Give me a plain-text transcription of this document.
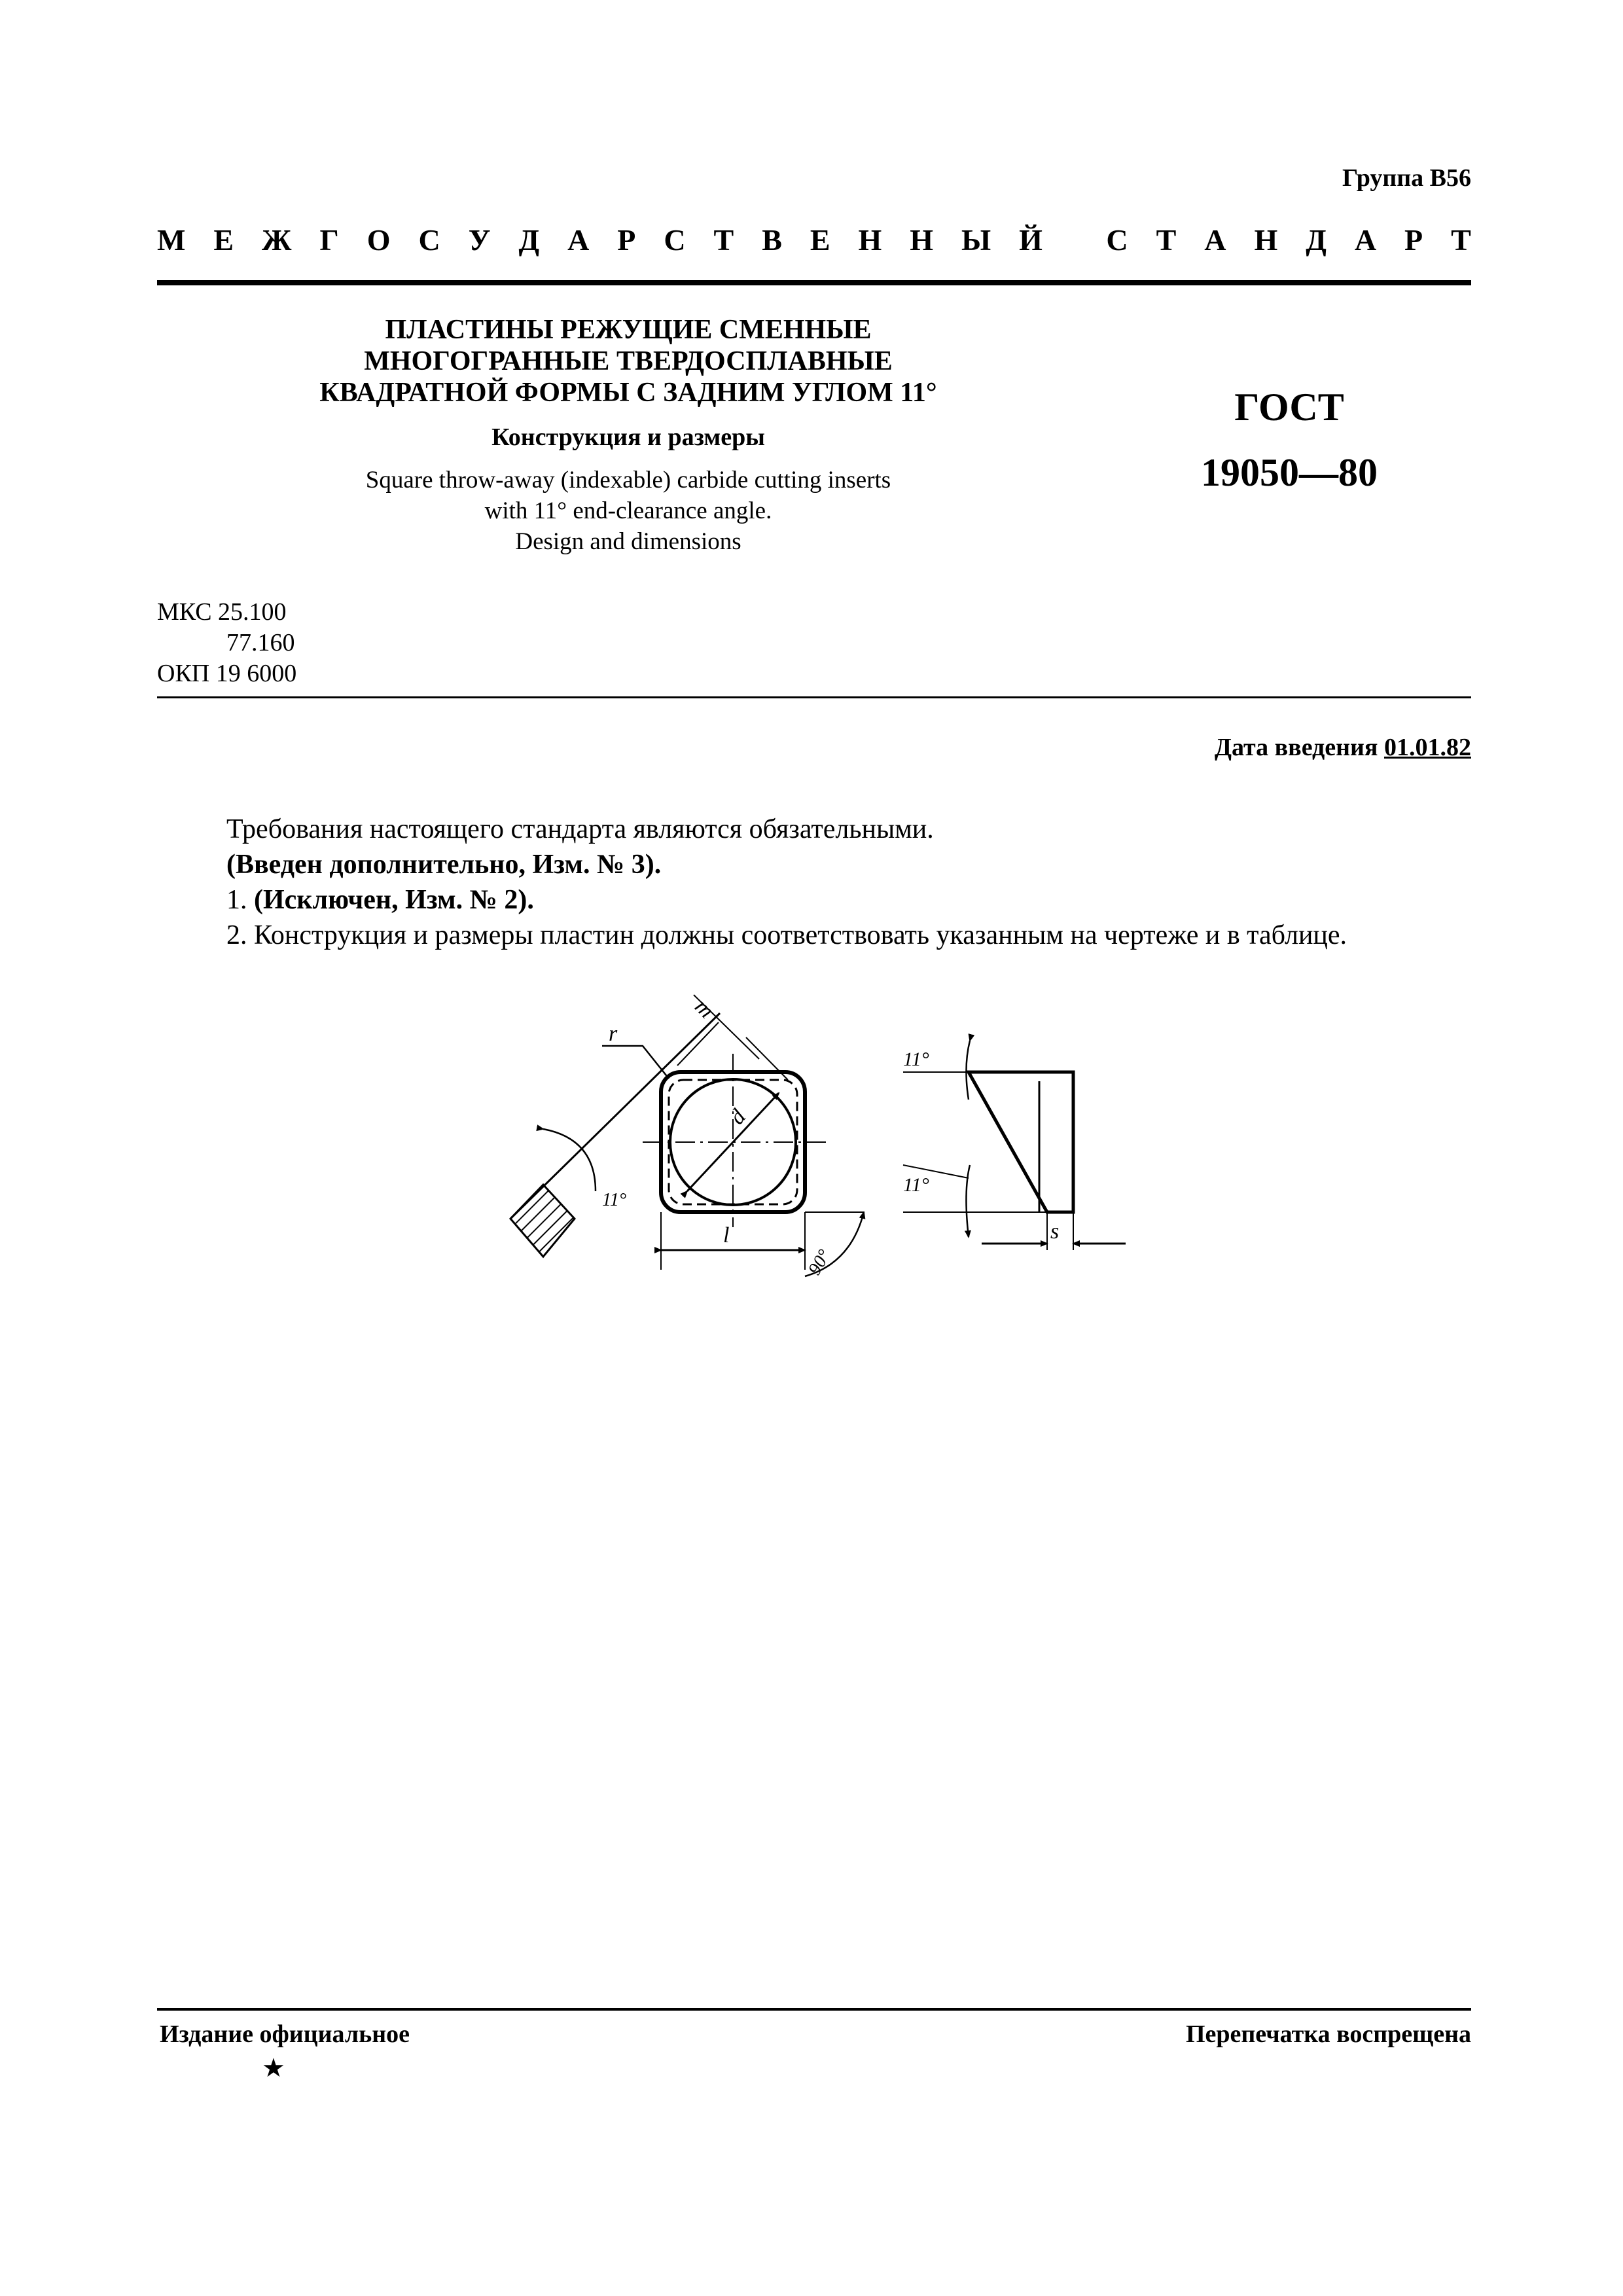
Группа В56
М Е Ж Г О С У Д А Р С Т В Е Н Н Ы Й
С Т А Н Д А Р Т
ПЛАСТИНЫ РЕЖУЩИЕ СМЕННЫЕ
МНОГОГРАННЫЕ ТВЕРДОСПЛАВНЫЕ
КВАДРАТНОЙ ФОРМЫ С ЗАДНИМ УГЛОМ 11°
Конструкция и размеры
Square throw-away (indexable) carbide cutting inserts
with 11° end-clearance angle.
Design and dimensions
ГОСТ
19050—80
МКС 25.100
77.160
ОКП 19 6000
Дата введения 01.01.82

Требования настоящего стандарта являются обязательными.

(Введен дополнительно, Изм. № 3).

1. (Исключен, Изм. № 2).

2. Конструкция и размеры пластин должны соответствовать указанным на чертеже и в таблице.

r
m
d
l
11°
90°
11°
11°
s
Издание официальное
★
Перепечатка воспрещена
